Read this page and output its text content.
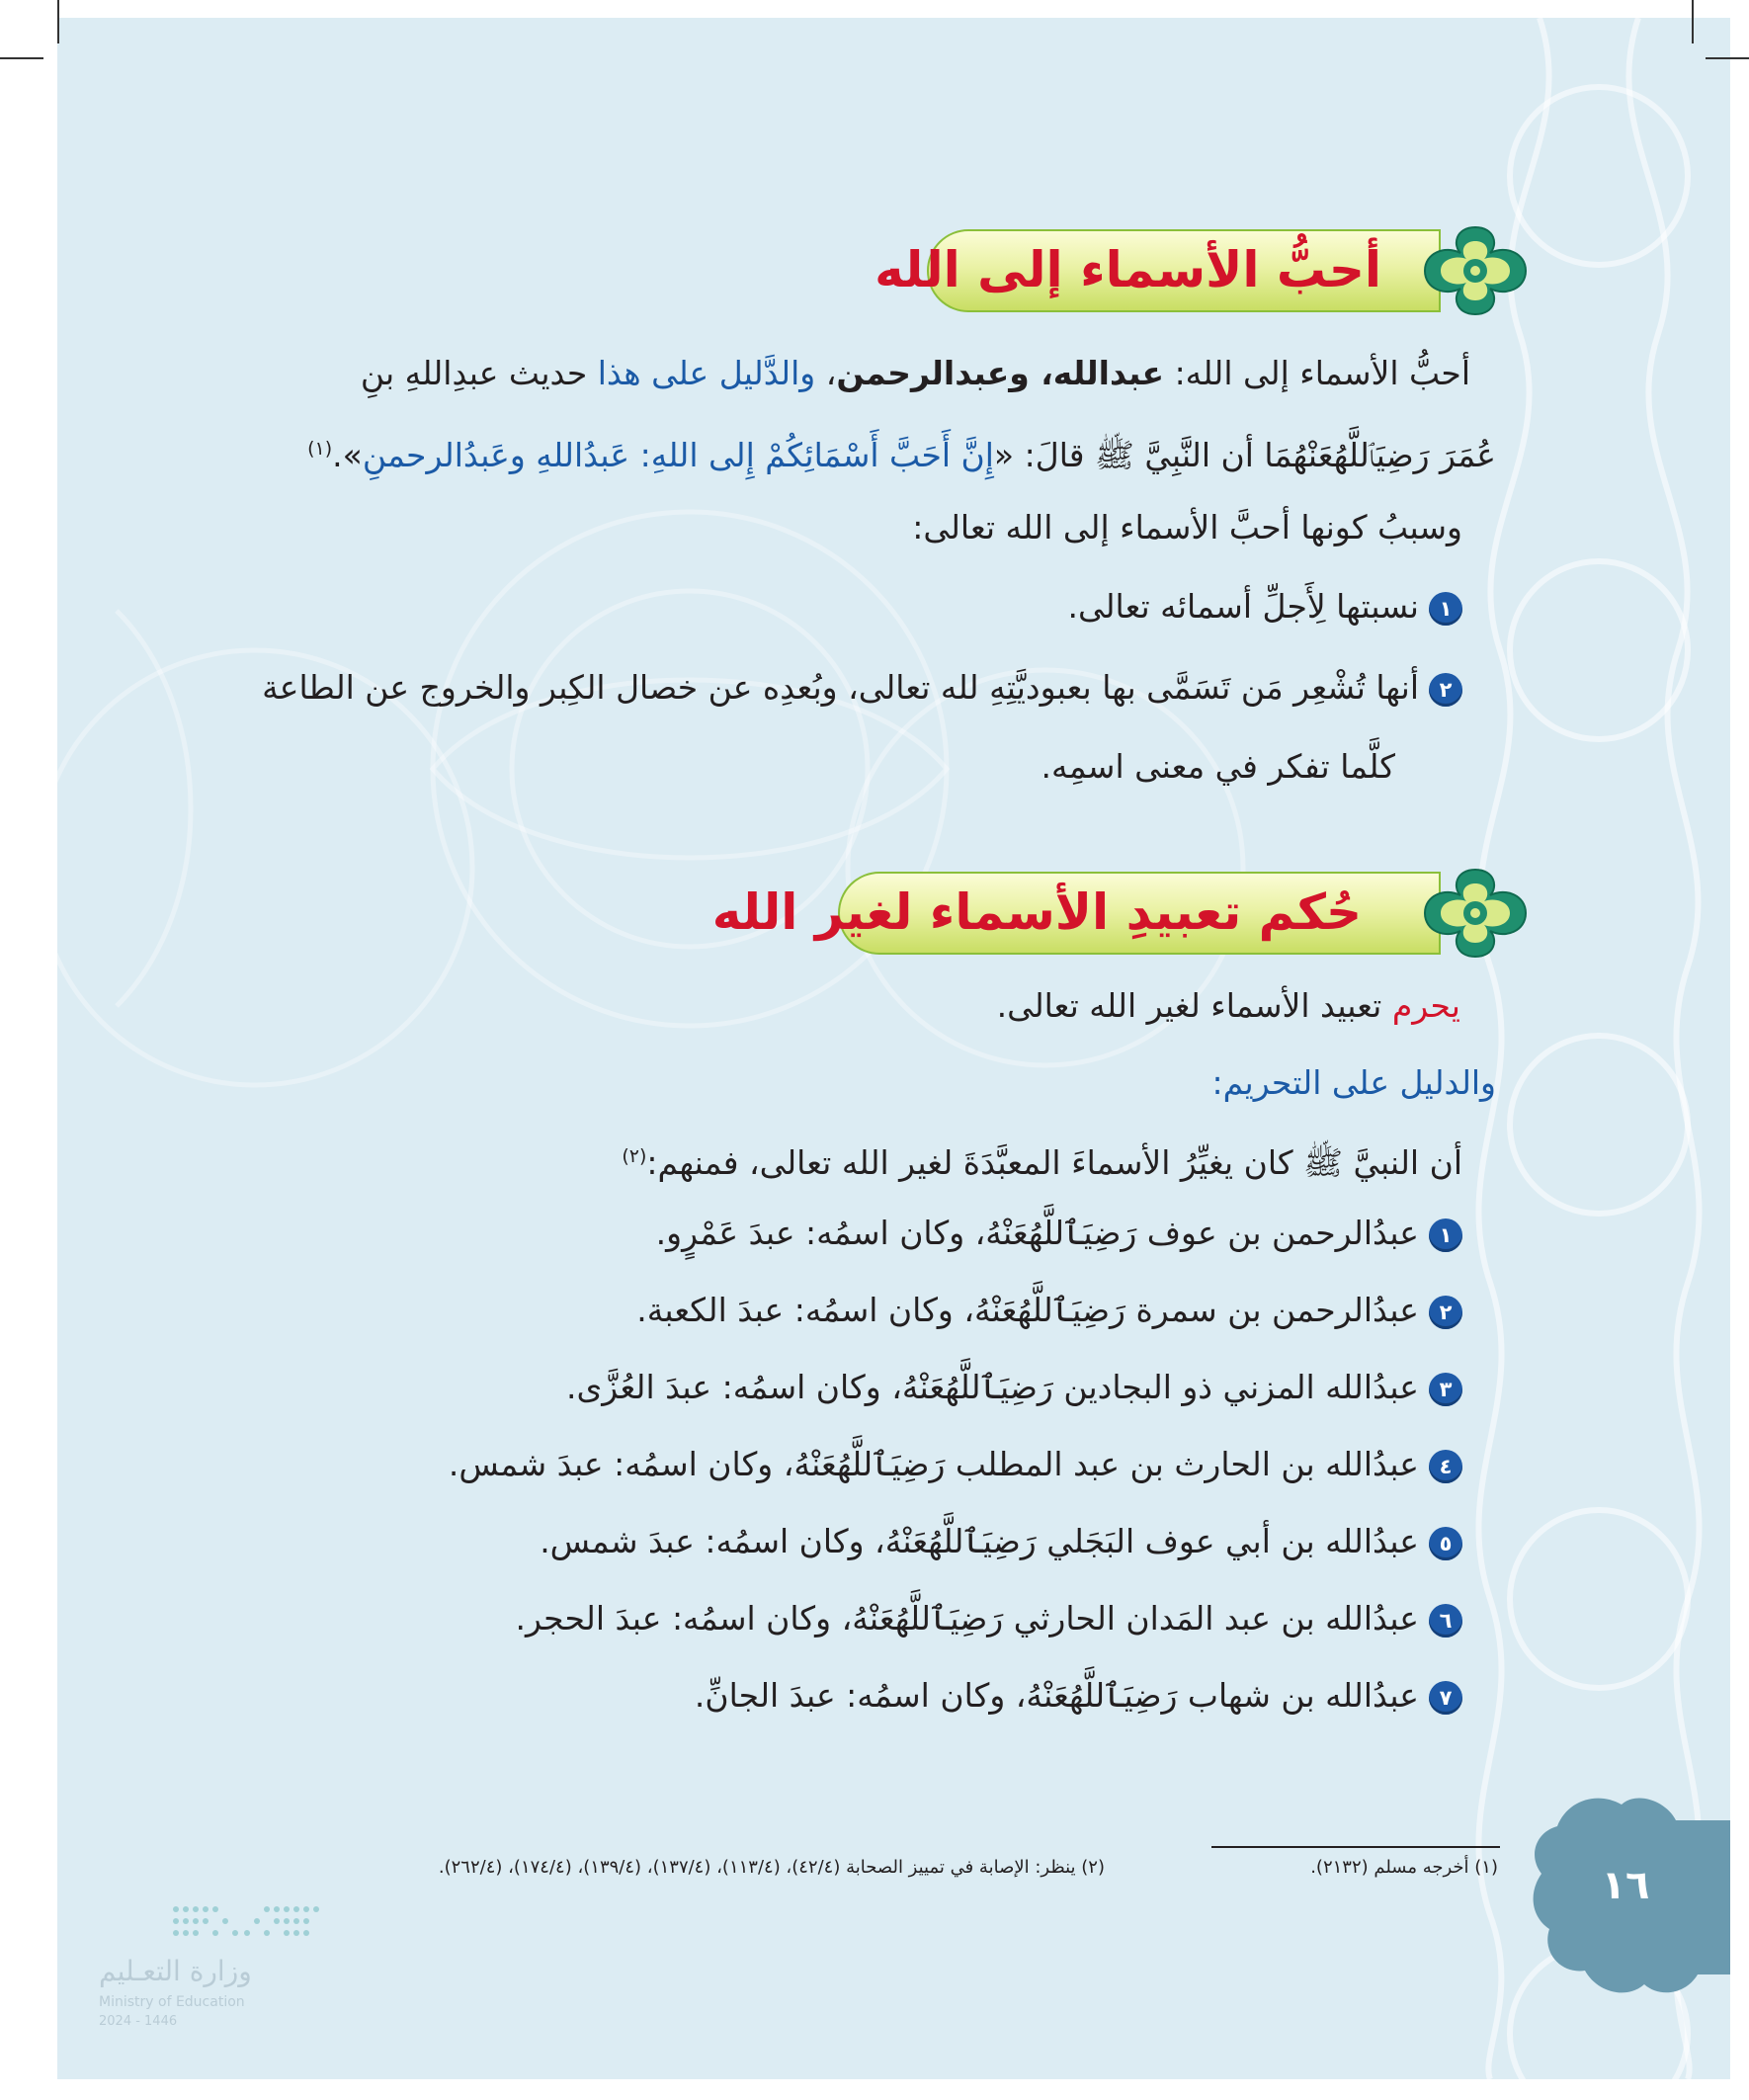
أحبُّ الأسماء إلى الله
أحبُّ الأسماء إلى الله: عبدالله، وعبدالرحمن، والدَّليل على هذا حديث عبدِاللهِ بنِ
عُمَرَ رَضِيَٱللَّهُعَنْهُمَا أن النَّبِيَّ ﷺ قالَ: «إِنَّ أَحَبَّ أَسْمَائِكُمْ إِلى اللهِ: عَبدُاللهِ وعَبدُالرحمنِ».$^{(١)}$
وسببُ كونها أحبَّ الأسماء إلى الله تعالى:
١نسبتها لِأَجلِّ أسمائه تعالى.
٢أنها تُشْعِر مَن تَسَمَّى بها بعبوديَّتِهِ لله تعالى، وبُعدِه عن خصال الكِبر والخروج عن الطاعة
كلَّما تفكر في معنى اسمِه.
حُكم تعبيدِ الأسماء لغير الله
يحرم تعبيد الأسماء لغير الله تعالى.
والدليل على التحريم:
أن النبيَّ ﷺ كان يغيِّرُ الأسماءَ المعبَّدَةَ لغير الله تعالى، فمنهم:$^{(٢)}$
١عبدُالرحمن بن عوف رَضِيَٱللَّهُعَنْهُ، وكان اسمُه: عبدَ عَمْرٍو.
٢عبدُالرحمن بن سمرة رَضِيَٱللَّهُعَنْهُ، وكان اسمُه: عبدَ الكعبة.
٣عبدُالله المزني ذو البجادين رَضِيَٱللَّهُعَنْهُ، وكان اسمُه: عبدَ العُزَّى.
٤عبدُالله بن الحارث بن عبد المطلب رَضِيَٱللَّهُعَنْهُ، وكان اسمُه: عبدَ شمس.
٥عبدُالله بن أبي عوف البَجَلي رَضِيَٱللَّهُعَنْهُ، وكان اسمُه: عبدَ شمس.
٦عبدُالله بن عبد المَدان الحارثي رَضِيَٱللَّهُعَنْهُ، وكان اسمُه: عبدَ الحجر.
٧عبدُالله بن شهاب رَضِيَٱللَّهُعَنْهُ، وكان اسمُه: عبدَ الجانِّ.
(١) أخرجه مسلم (٢١٣٢).
(٢) ينظر: الإصابة في تمييز الصحابة (٤٢/٤)، (١١٣/٤)، (١٣٧/٤)، (١٣٩/٤)، (١٧٤/٤)، (٢٦٢/٤).	١٦
وزارة التعـليم
Ministry of Education
2024 - 1446
